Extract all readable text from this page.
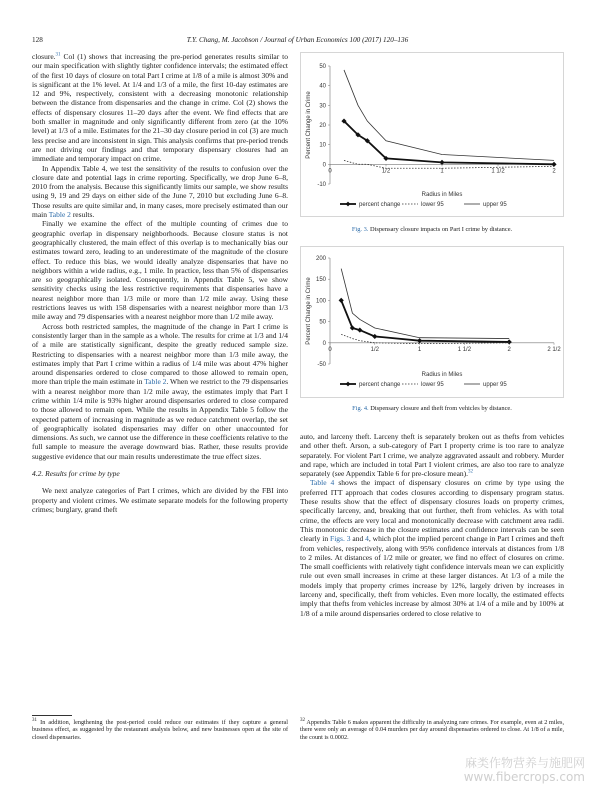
128	T.Y. Chang, M. Jacobson / Journal of Urban Economics 100 (2017) 120–136

closure.$^{31}$ Col (1) shows that increasing the pre-period generates results similar to our main specification with slightly tighter confidence intervals; the estimated effect of the first 10 days of closure on total Part I crime at 1/8 of a mile is almost 30% and is significant at the 1% level. At 1/4 and 1/3 of a mile, the first 10-day estimates are 12 and 9%, respectively, consistent with a decreasing monotonic relationship between the distance from dispensaries and the change in crime. Col (2) shows the effects of dispensary closures 11–20 days after the event. We find effects that are both smaller in magnitude and only significantly different from zero (at the 10% level) at 1/3 of a mile. Estimates for the 21–30 day closure period in col (3) are much less precise and are inconsistent in sign. This analysis confirms that pre-period trends are not driving our findings and that temporary dispensary closures had an immediate and temporary impact on crime.

In Appendix Table 4, we test the sensitivity of the results to confusion over the closure date and potential lags in crime reporting. Specifically, we drop June 6–8, 2010 from the analysis. Because this significantly limits our sample, we show results using 9, 19 and 29 days on either side of the June 7, 2010 but excluding June 6–8. Those results are quite similar and, in many cases, more precisely estimated than our main Table 2 results.

Finally we examine the effect of the multiple counting of crimes due to geographic overlap in dispensary neighborhoods. Because closure status is not geographically clustered, the main effect of this overlap is to mechanically bias our estimates toward zero, leading to an underestimate of the magnitude of the closure effect. To reduce this bias, we would ideally analyze dispensaries that have no neighbors within a wide radius, e.g., 1 mile. In practice, less than 5% of dispensaries are so geographically isolated. Consequently, in Appendix Table 5, we show sensitivity checks using the less restrictive requirements that dispensaries have a nearest neighbor more than 1/3 mile or more than 1/2 mile away. Using these restrictions leaves us with 158 dispensaries with a nearest neighbor more than 1/3 mile away and 79 dispensaries with a nearest neighbor more than 1/2 mile away.

Across both restricted samples, the magnitude of the change in Part I crime is consistently larger than in the sample as a whole. The results for crime at 1/3 and 1/4 of a mile are statistically significant, despite the greatly reduced sample size. Restricting to dispensaries with a nearest neighbor more than 1/3 mile away, the estimates imply that Part I crime within a radius of 1/4 mile was about 47% higher around dispensaries ordered to close compared to those allowed to remain open, more than triple the main estimate in Table 2. When we restrict to the 79 dispensaries with a nearest neighbor more than 1/2 mile away, the estimates imply that Part I crime within 1/4 mile is 93% higher around dispensaries ordered to close compared to those allowed to remain open. While the results in Appendix Table 5 follow the expected pattern of increasing in magnitude as we reduce catchment overlap, the set of geographically isolated dispensaries may differ on other unaccounted for dimensions. As such, we cannot use the difference in these coefficients relative to the full sample to measure the average downward bias. Rather, these results provide suggestive evidence that our main results underestimate the true effect sizes.

4.2. Results for crime by type

We next analyze categories of Part I crimes, which are divided by the FBI into property and violent crimes. We estimate separate models for the following property crimes; burglary, grand theft

-10
0
10
20
30
40
50
0	1/2	1	1 1/2	2
Percent Change in Crime
Radius in Miles
percent change	lower 95	upper 95
Fig. 3. Dispensary closure impacts on Part I crime by distance.
-50
0
50
100
150
200
0	1/2	1	1 1/2	2	2 1/2
Percent Change in Crime
Radius in Miles
percent change	lower 95	upper 95
Fig. 4. Dispensary closure and theft from vehicles by distance.

auto, and larceny theft. Larceny theft is separately broken out as thefts from vehicles and other theft. Arson, a sub-category of Part I property crime is too rare to analyze separately. For violent Part I crime, we analyze aggravated assault and robbery. Murder and rape, which are included in total Part I violent crimes, are also too rare to analyze separately (see Appendix Table 6 for pre-closure mean).$^{32}$

Table 4 shows the impact of dispensary closures on crime by type using the preferred ITT approach that codes closures according to dispensary program status. These results show that the effect of dispensary closures loads on property crimes, specifically larceny, and, breaking that out further, theft from vehicles. As with total crime, the effects are very local and monotonically decrease with catchment area radii. This monotonic decrease in the closure estimates and confidence intervals can be seen clearly in Figs. 3 and 4, which plot the implied percent change in Part I crimes and theft from vehicles, respectively, along with 95% confidence intervals at distances from 1/8 to 2 miles. At distances of 1/2 mile or greater, we find no effect of closures on crime. The small coefficients with relatively tight confidence intervals mean we can explicitly rule out even small increases in crime at these larger distances. At 1/3 of a mile the models imply that property crimes increase by 12%, largely driven by increases in larceny and, specifically, theft from vehicles. Even more locally, the estimated effects imply that thefts from vehicles increase by almost 30% at 1/4 of a mile and by 100% at 1/8 of a mile around dispensaries ordered to close relative to

$^{31}$ In addition, lengthening the post-period could reduce our estimates if they capture a general business effect, as suggested by the restaurant analysis below, and new businesses open at the site of closed dispensaries.
$^{32}$ Appendix Table 6 makes apparent the difficulty in analyzing rare crimes. For example, even at 2 miles, there were only an average of 0.04 murders per day around dispensaries ordered to close. At 1/8 of a mile, the count is 0.0002.
麻类作物营养与施肥网
www.fibercrops.com
